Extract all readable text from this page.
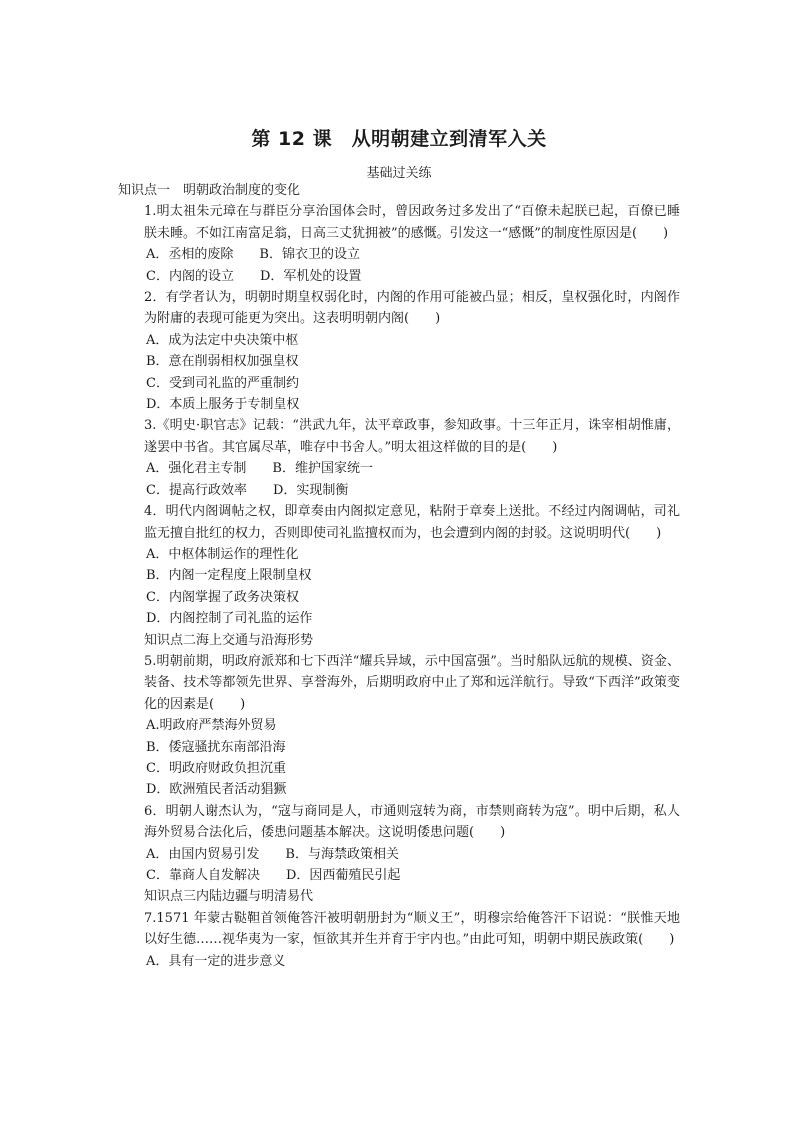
第 12 课　从明朝建立到清军入关
基础过关练
知识点一　明朝政治制度的变化
1.明太祖朱元璋在与群臣分享治国体会时，曾因政务过多发出了“百僚未起朕已起，百僚已睡朕未睡。不如江南富足翁，日高三丈犹拥被”的感慨。引发这一“感慨”的制度性原因是(　　)
A．丞相的废除　　B．锦衣卫的设立
C．内阁的设立　　D．军机处的设置
2．有学者认为，明朝时期皇权弱化时，内阁的作用可能被凸显；相反，皇权强化时，内阁作为附庸的表现可能更为突出。这表明明朝内阁(　　)
A．成为法定中央决策中枢
B．意在削弱相权加强皇权
C．受到司礼监的严重制约
D．本质上服务于专制皇权
3.《明史·职官志》记载：“洪武九年，汰平章政事，参知政事。十三年正月，诛宰相胡惟庸，遂罢中书省。其官属尽革，唯存中书舍人。”明太祖这样做的目的是(　　)
A．强化君主专制　　B．维护国家统一
C．提高行政效率　　D．实现制衡
4．明代内阁调帖之权，即章奏由内阁拟定意见，粘附于章奏上送批。不经过内阁调帖，司礼监无擅自批红的权力，否则即使司礼监擅权而为，也会遭到内阁的封驳。这说明明代(　　)
A．中枢体制运作的理性化
B．内阁一定程度上限制皇权
C．内阁掌握了政务决策权
D．内阁控制了司礼监的运作
知识点二海上交通与沿海形势
5.明朝前期，明政府派郑和七下西洋“耀兵异域，示中国富强”。当时船队远航的规模、资金、装备、技术等都领先世界、享誉海外，后期明政府中止了郑和远洋航行。导致“下西洋”政策变化的因素是(　　)
A.明政府严禁海外贸易
B．倭寇骚扰东南部沿海
C．明政府财政负担沉重
D．欧洲殖民者活动猖獗
6．明朝人谢杰认为，“寇与商同是人，市通则寇转为商，市禁则商转为寇”。明中后期，私人海外贸易合法化后，倭患问题基本解决。这说明倭患问题(　　)
A．由国内贸易引发　　B．与海禁政策相关
C．靠商人自发解决　　D．因西葡殖民引起
知识点三内陆边疆与明清易代
7.1571 年蒙古鞑靼首领俺答汗被明朝册封为“顺义王”，明穆宗给俺答汗下诏说：“朕惟天地以好生德……视华夷为一家，恒欲其并生并育于宇内也。”由此可知，明朝中期民族政策(　　)
A．具有一定的进步意义
